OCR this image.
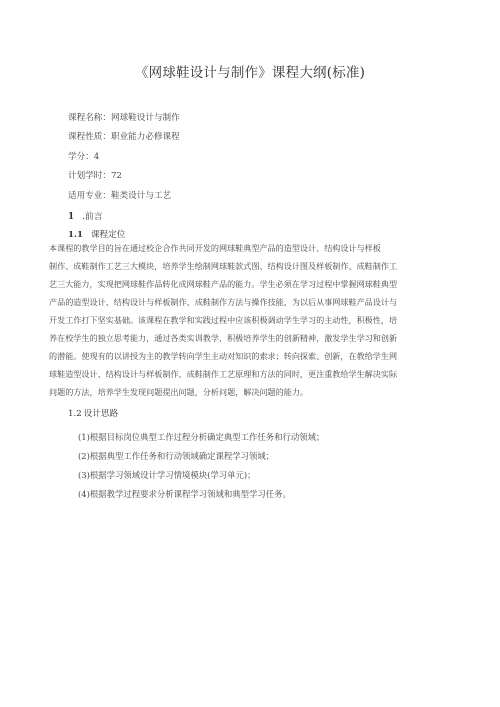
《网球鞋设计与制作》课程大纲(标准)
课程名称：网球鞋设计与制作
课程性质：职业能力必修课程
学分：4
计划学时：72
适用专业：鞋类设计与工艺
1 .前言
1.1 课程定位
本课程的教学目的旨在通过校企合作共同开发的网球鞋典型产品的造型设计、结构设计与样板
制作、成鞋制作工艺三大模块，培养学生绘制网球鞋款式图、结构设计图及样板制作、成鞋制作工
艺三大能力，实现把网球鞋作品转化成网球鞋产品的能力。学生必须在学习过程中掌握网球鞋典型
产品的造型设计、结构设计与样板制作、成鞋制作方法与操作技能，为以后从事网球鞋产品设计与
开发工作打下坚实基础。该课程在教学和实践过程中应该积极调动学生学习的主动性，积极性，培
养在校学生的独立思考能力，通过各类实训教学，积极培养学生的创新精神，激发学生学习和创新
的潜能。使现有的以讲授为主的教学转向学生主动对知识的索求；转向探索、创新，在教给学生网
球鞋造型设计、结构设计与样板制作、成鞋制作工艺原理和方法的同时，更注重教给学生解决实际
问题的方法，培养学生发现问题提出问题，分析问题，解决问题的能力。
1.2 设计思路
(1)根据目标岗位典型工作过程分析确定典型工作任务和行动领域；
(2)根据典型工作任务和行动领域确定课程学习领域；
(3)根据学习领域设计学习情境模块(学习单元)；
(4)根据教学过程要求分析课程学习领域和典型学习任务。
